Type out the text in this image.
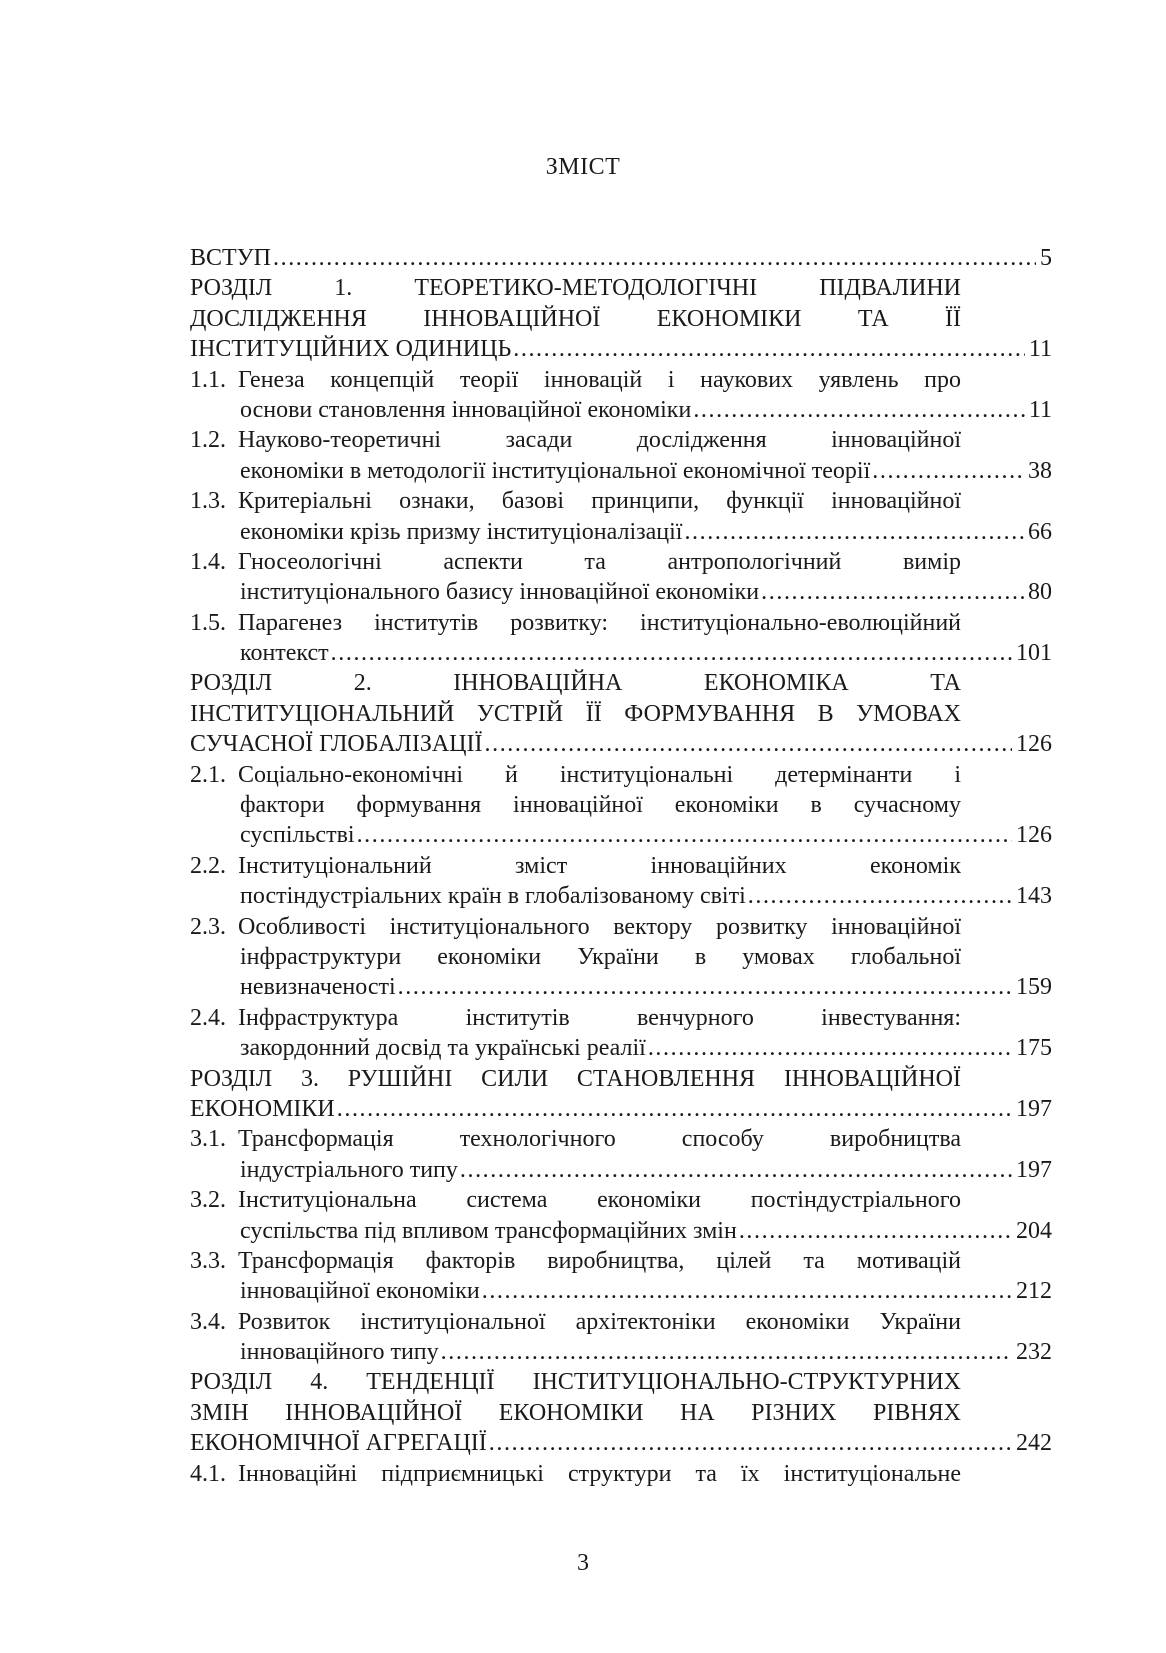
ЗМІСТ
ВСТУП .....	5
РОЗДІЛ 1. ТЕОРЕТИКО-МЕТОДОЛОГІЧНІ ПІДВАЛИНИ
ДОСЛІДЖЕННЯ ІННОВАЦІЙНОЇ ЕКОНОМІКИ ТА ЇЇ
ІНСТИТУЦІЙНИХ ОДИНИЦЬ .....	11
1.1. Генеза концепцій теорії інновацій і наукових уявлень про
основи становлення інноваційної економіки .....	11
1.2. Науково-теоретичні засади дослідження інноваційної
економіки в методології інституціональної економічної теорії .....	38
1.3. Критеріальні ознаки, базові принципи, функції інноваційної
економіки крізь призму інституціоналізації .....	66
1.4. Гносеологічні аспекти та антропологічний вимір
інституціонального базису інноваційної економіки .....	80
1.5. Парагенез інститутів розвитку: інституціонально-еволюційний
контекст .....	101
РОЗДІЛ 2. ІННОВАЦІЙНА ЕКОНОМІКА ТА
ІНСТИТУЦІОНАЛЬНИЙ УСТРІЙ ЇЇ ФОРМУВАННЯ В УМОВАХ
СУЧАСНОЇ ГЛОБАЛІЗАЦІЇ .....	126
2.1. Соціально-економічні й інституціональні детермінанти і
фактори формування інноваційної економіки в сучасному
суспільстві .....	126
2.2. Інституціональний зміст інноваційних економік
постіндустріальних країн в глобалізованому світі .....	143
2.3. Особливості інституціонального вектору розвитку інноваційної
інфраструктури економіки України в умовах глобальної
невизначеності .....	159
2.4. Інфраструктура інститутів венчурного інвестування:
закордонний досвід та українські реалії .....	175
РОЗДІЛ 3. РУШІЙНІ СИЛИ СТАНОВЛЕННЯ ІННОВАЦІЙНОЇ
ЕКОНОМІКИ .....	197
3.1. Трансформація технологічного способу виробництва
індустріального типу .....	197
3.2. Інституціональна система економіки постіндустріального
суспільства під впливом трансформаційних змін .....	204
3.3. Трансформація факторів виробництва, цілей та мотивацій
інноваційної економіки .....	212
3.4. Розвиток інституціональної архітектоніки економіки України
інноваційного типу .....	232
РОЗДІЛ 4. ТЕНДЕНЦІЇ ІНСТИТУЦІОНАЛЬНО-СТРУКТУРНИХ
ЗМІН ІННОВАЦІЙНОЇ ЕКОНОМІКИ НА РІЗНИХ РІВНЯХ
ЕКОНОМІЧНОЇ АГРЕГАЦІЇ .....	242
4.1. Інноваційні підприємницькі структури та їх інституціональне
3
